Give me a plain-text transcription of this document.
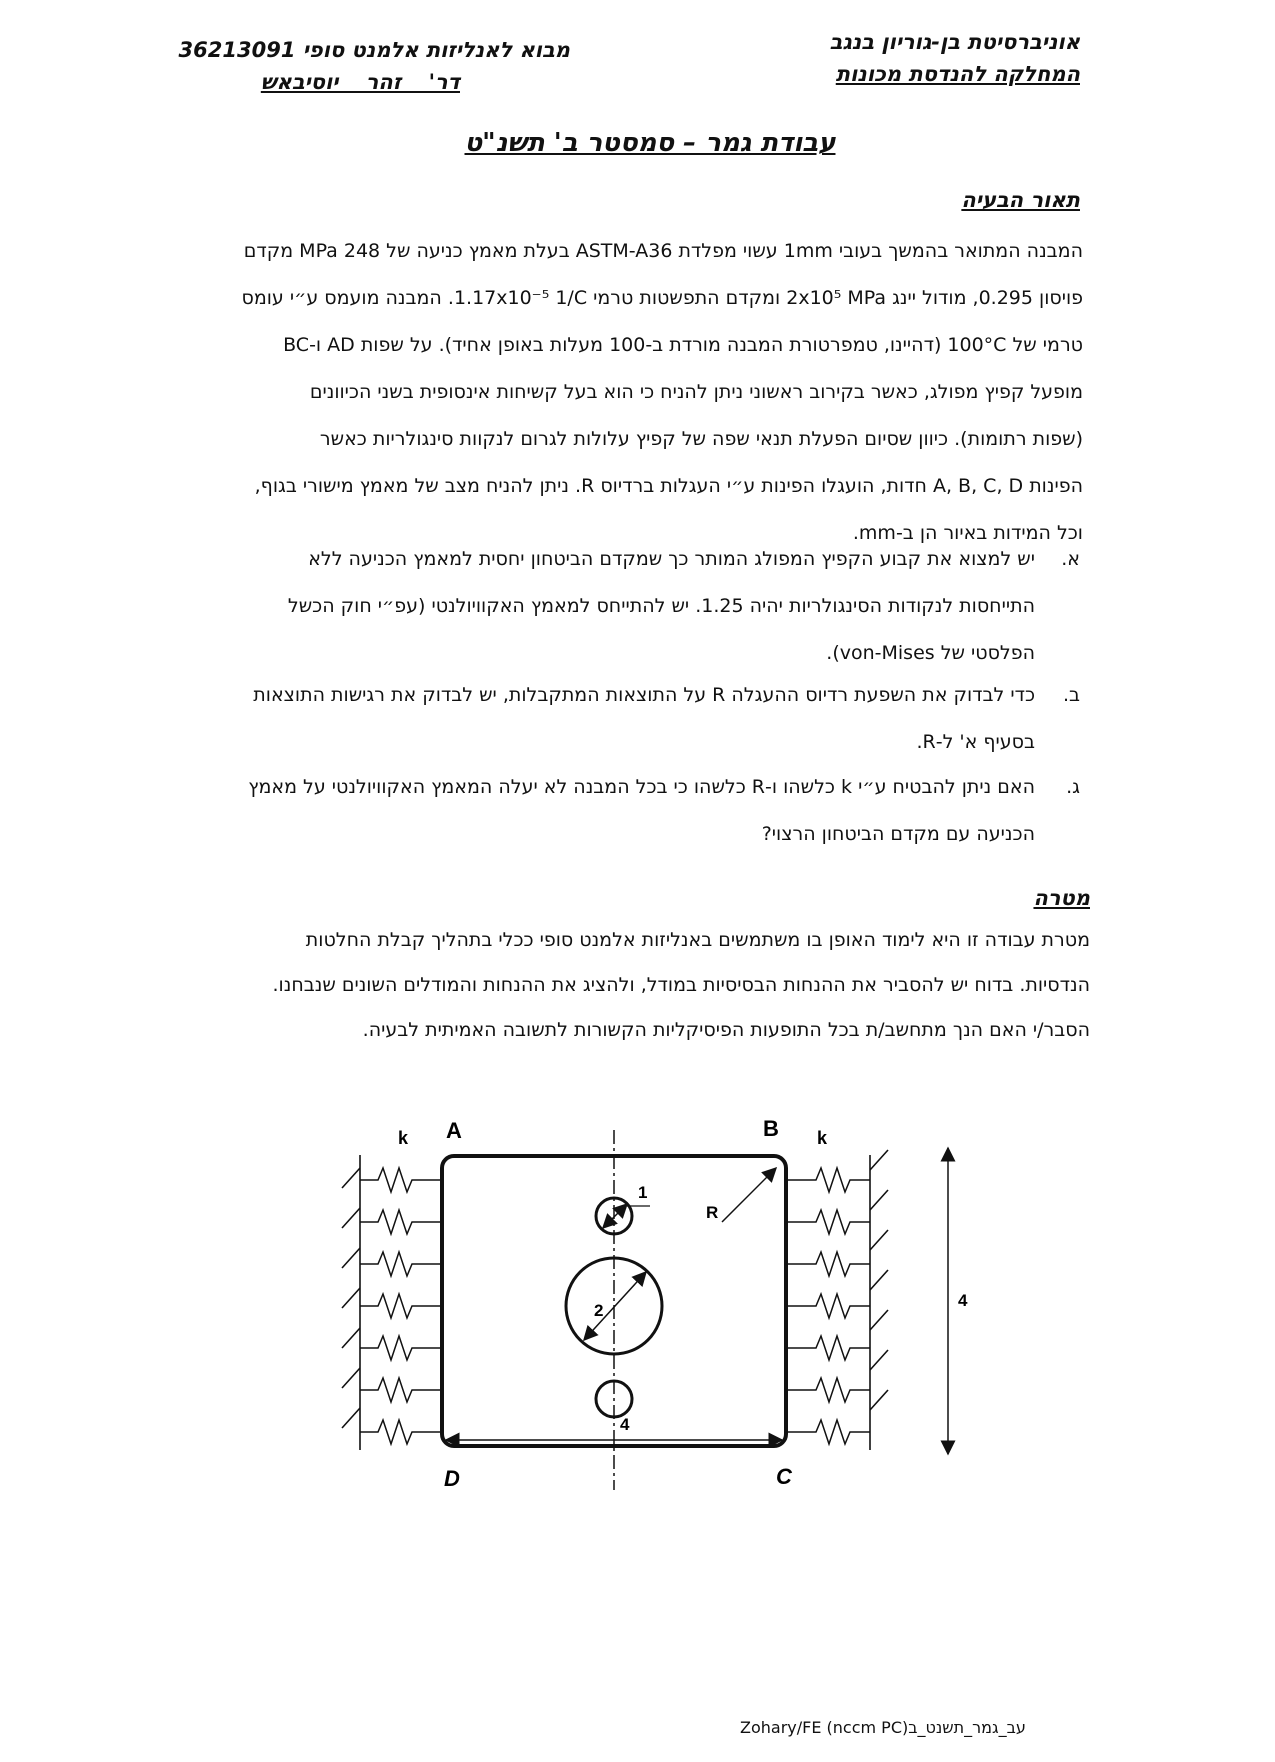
אוניברסיטת בן-גוריון בנגב
המחלקה להנדסת מכונות
מבוא לאנליזות אלמנט סופי 36213091
דר' זהר יוסיבאש
עבודת גמר – סמסטר ב' תשנ"ט
תאור הבעיה
המבנה המתואר בהמשך בעובי 1mm עשוי מפלדת ASTM-A36 בעלת מאמץ כניעה של 248 MPa מקדם
פויסון 0.295, מודול יינג 2x10⁵ MPa ומקדם התפשטות טרמי 1.17x10⁻⁵ 1/C. המבנה מועמס ע״י עומס
טרמי של 100°C (דהיינו, טמפרטורת המבנה מורדת ב-100 מעלות באופן אחיד). על שפות AD ו-BC
מופעל קפיץ מפולג, כאשר בקירוב ראשוני ניתן להניח כי הוא בעל קשיחות אינסופית בשני הכיוונים
(שפות רתומות). כיוון שסיום הפעלת תנאי שפה של קפיץ עלולות לגרום לנקוות סינגולריות כאשר
הפינות A, B, C, D חדות, הועגלו הפינות ע״י העגלות ברדיוס R. ניתן להניח מצב של מאמץ מישורי בגוף,
וכל המידות באיור הן ב-mm.
א.
יש למצוא את קבוע הקפיץ המפולג המותר כך שמקדם הביטחון יחסית למאמץ הכניעה ללא
התייחסות לנקודות הסינגולריות יהיה 1.25. יש להתייחס למאמץ האקוויולנטי (עפ״י חוק הכשל
הפלסטי של von-Mises).
ב.
כדי לבדוק את השפעת רדיוס ההעגלה R על התוצאות המתקבלות, יש לבדוק את רגישות התוצאות
בסעיף א' ל-R.
ג.
האם ניתן להבטיח ע״י k כלשהו ו-R כלשהו כי בכל המבנה לא יעלה המאמץ האקוויולנטי על מאמץ
הכניעה עם מקדם הביטחון הרצוי?
מטרה
מטרת עבודה זו היא לימוד האופן בו משתמשים באנליזות אלמנט סופי ככלי בתהליך קבלת החלטות
הנדסיות. בדוח יש להסביר את ההנחות הבסיסיות במודל, ולהציג את ההנחות והמודלים השונים שנבחנו.
הסבר/י האם הנך מתחשב/ת בכל התופעות הפיסיקליות הקשורות לתשובה האמיתית לבעיה.
1
2
R
4
4
A	B
C
D
k	k
Zohary/FE (nccm PC)עב_גמר_תשנט_ב
